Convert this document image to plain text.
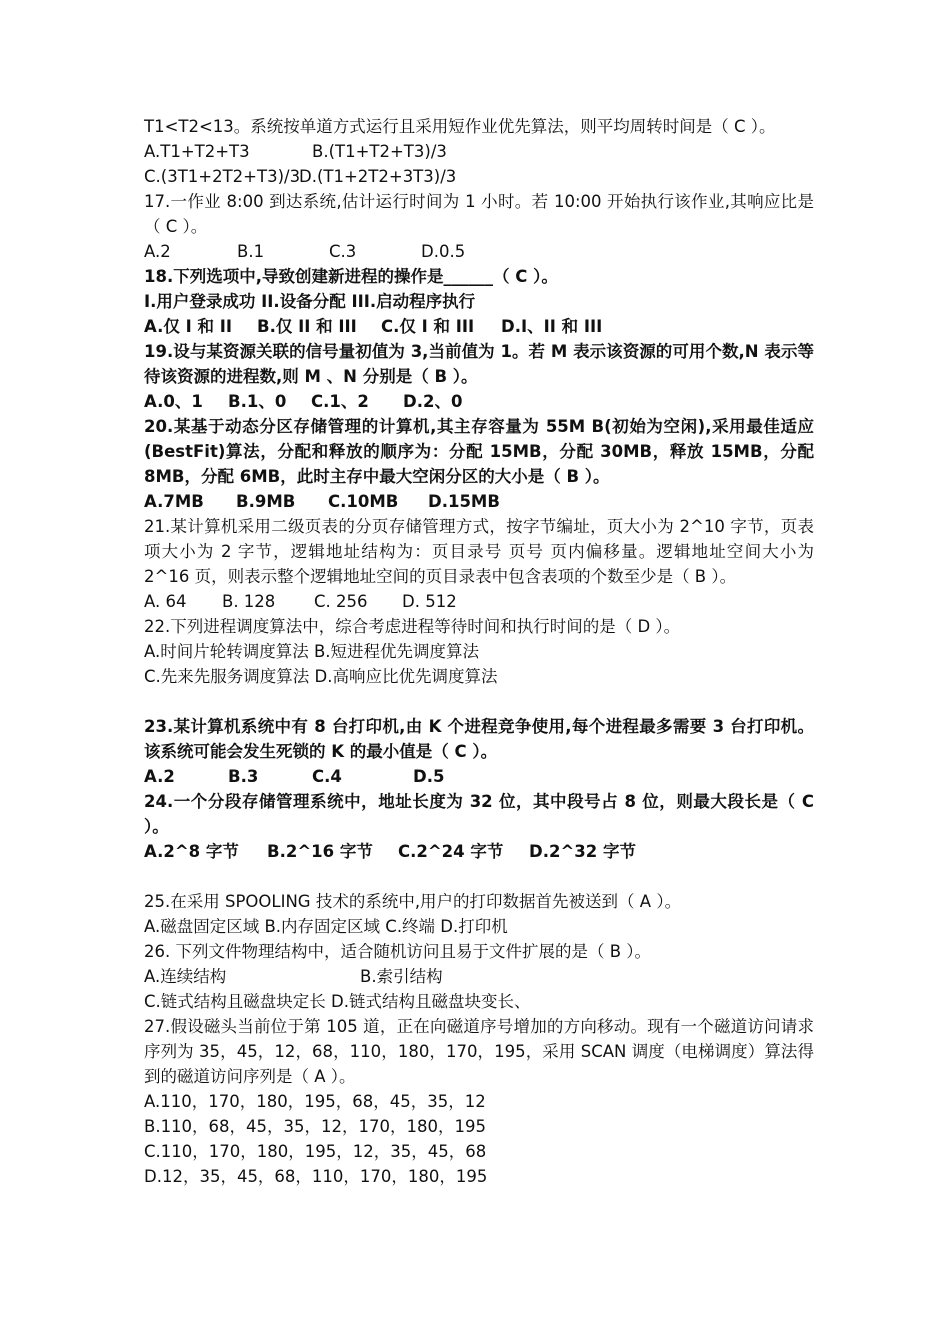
T1<T2<13。系统按单道方式运行且采用短作业优先算法，则平均周转时间是（ C ）。
A.T1+T2+T3	B.(T1+T2+T3)/3
C.(3T1+2T2+T3)/3
D.(T1+2T2+3T3)/3
17.一作业 8:00 到达系统,估计运行时间为 1 小时。若 10:00 开始执行该作业,其响应比是（ C ）。
A.2	B.1	C.3	D.0.5
18.下列选项中,导致创建新进程的操作是______（ C ）。
I.用户登录成功 II.设备分配 III.启动程序执行
A.仅 I 和 II	B.仅 II 和 III	C.仅 I 和 III	D.I、II 和 III
19.设与某资源关联的信号量初值为 3,当前值为 1。若 M 表示该资源的可用个数,N 表示等待该资源的进程数,则 M 、N 分别是（ B ）。
A.0、1	B.1、0	C.1、2	D.2、0
20.某基于动态分区存储管理的计算机,其主存容量为 55M B(初始为空闲),采用最佳适应(BestFit)算法，分配和释放的顺序为：分配 15MB，分配 30MB，释放 15MB，分配 8MB，分配 6MB，此时主存中最大空闲分区的大小是（ B ）。
A.7MB	B.9MB	C.10MB	D.15MB
21.某计算机采用二级页表的分页存储管理方式，按字节编址，页大小为 2^10 字节，页表项大小为 2 字节，逻辑地址结构为：页目录号 页号 页内偏移量。逻辑地址空间大小为 2^16 页，则表示整个逻辑地址空间的页目录表中包含表项的个数至少是（ B ）。
A. 64	B. 128	C. 256	D. 512
22.下列进程调度算法中，综合考虑进程等待时间和执行时间的是（ D ）。
A.时间片轮转调度算法 B.短进程优先调度算法
C.先来先服务调度算法 D.高响应比优先调度算法
23.某计算机系统中有 8 台打印机,由 K 个进程竞争使用,每个进程最多需要 3 台打印机。该系统可能会发生死锁的 K 的最小值是（ C ）。
A.2	B.3	C.4	D.5
24.一个分段存储管理系统中，地址长度为 32 位，其中段号占 8 位，则最大段长是（ C ）。
A.2^8 字节	B.2^16 字节	C.2^24 字节	D.2^32 字节
25.在采用 SPOOLING 技术的系统中,用户的打印数据首先被送到（ A ）。
A.磁盘固定区域 B.内存固定区域 C.终端 D.打印机
26. 下列文件物理结构中，适合随机访问且易于文件扩展的是（ B ）。
A.连续结构	B.索引结构
C.链式结构且磁盘块定长 D.链式结构且磁盘块变长、
27.假设磁头当前位于第 105 道，正在向磁道序号增加的方向移动。现有一个磁道访问请求序列为 35，45，12，68，110，180，170，195，采用 SCAN 调度（电梯调度）算法得到的磁道访问序列是（ A ）。
A.110，170，180，195，68，45，35，12
B.110，68，45，35，12，170，180，195
C.110，170，180，195，12，35，45，68
D.12，35，45，68，110，170，180，195
